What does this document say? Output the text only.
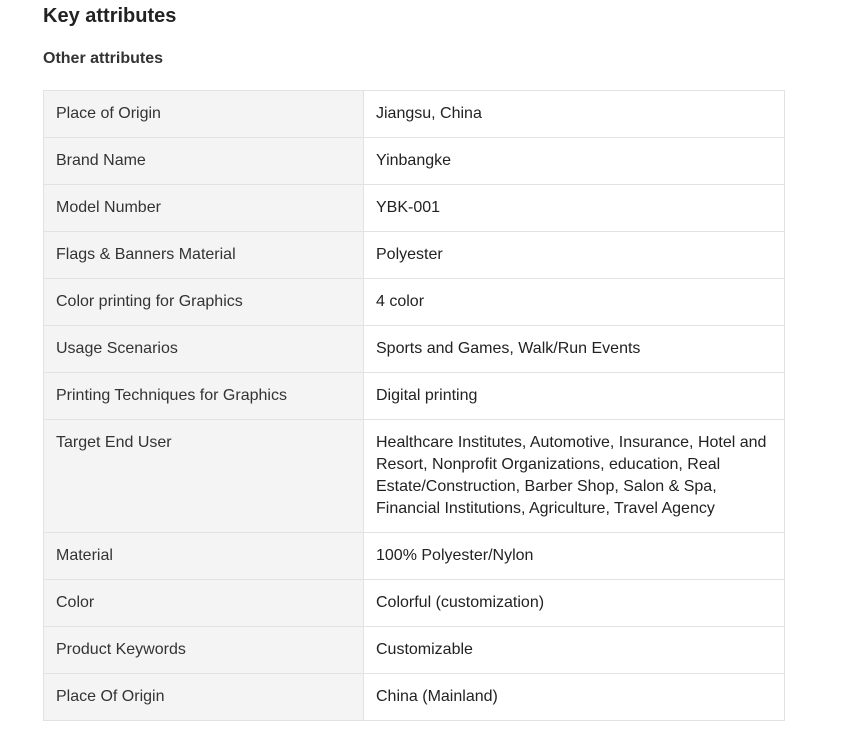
Key attributes
Other attributes
Place of Origin	Jiangsu, China
Brand Name	Yinbangke
Model Number	YBK-001
Flags & Banners Material	Polyester
Color printing for Graphics	4 color
Usage Scenarios	Sports and Games, Walk/Run Events
Printing Techniques for Graphics	Digital printing
Target End User	Healthcare Institutes, Automotive, Insurance, Hotel and Resort, Nonprofit Organizations, education, Real Estate/Construction, Barber Shop, Salon & Spa, Financial Institutions, Agriculture, Travel Agency
Material	100% Polyester/Nylon
Color	Colorful (customization)
Product Keywords	Customizable
Place Of Origin	China (Mainland)
